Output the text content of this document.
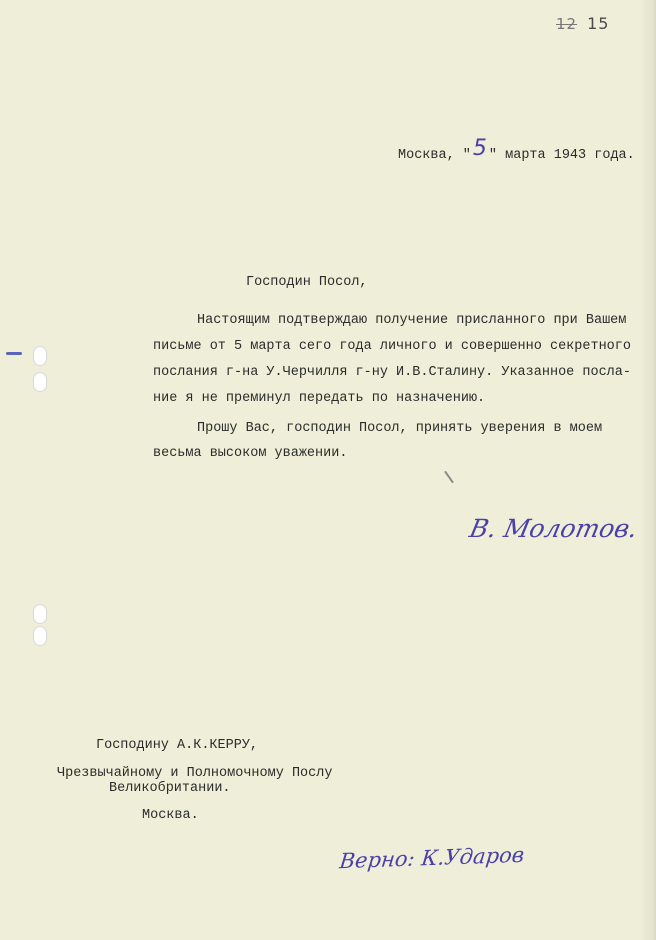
12 15
Москва, "5 " марта 1943 года.
Господин Посол,
Настоящим подтверждаю получение присланного при Вашем
письме от 5 марта сего года личного и совершенно секретного
послания г-на У.Черчилля г-ну И.В.Сталину. Указанное посла-
ние я не преминул передать по назначению.
Прошу Вас, господин Посол, принять уверения в моем
весьма высоком уважении.
В. Молотов.
Господину А.К.КЕРРУ,
Чрезвычайному и Полномочному Послу
Великобритании.
Москва.
Верно: К.Ударов
